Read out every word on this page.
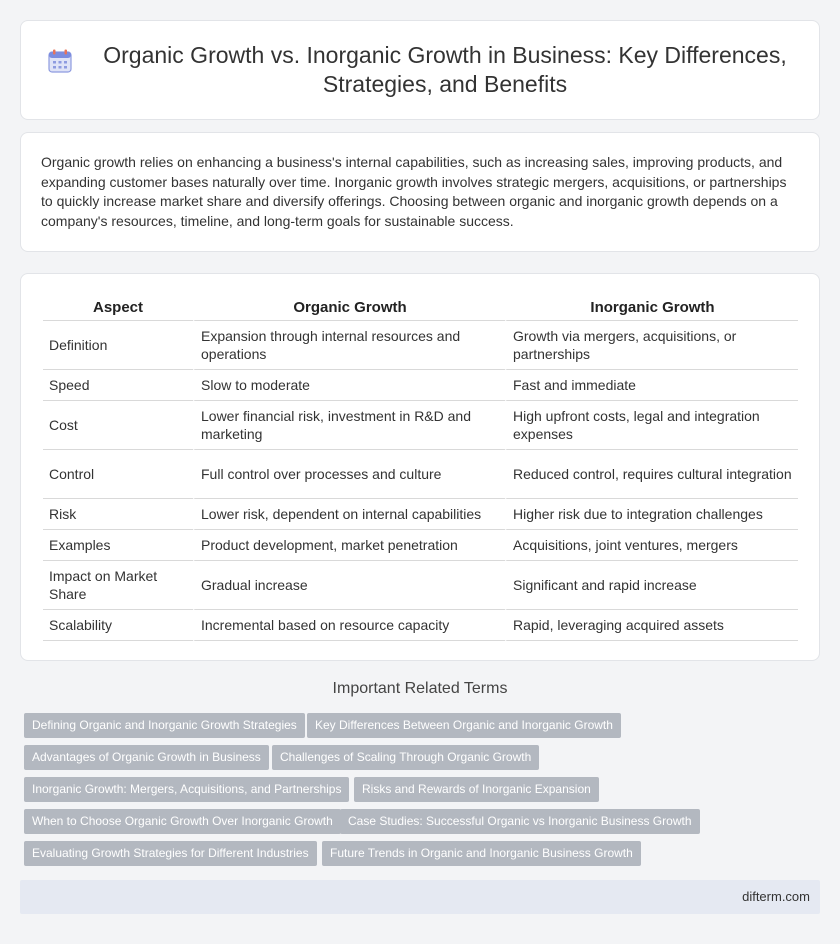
Organic Growth vs. Inorganic Growth in Business: Key Differences, Strategies, and Benefits

Organic growth relies on enhancing a business's internal capabilities, such as increasing sales, improving products, and expanding customer bases naturally over time. Inorganic growth involves strategic mergers, acquisitions, or partnerships to quickly increase market share and diversify offerings. Choosing between organic and inorganic growth depends on a company's resources, timeline, and long-term goals for sustainable success.

Aspect	Organic Growth	Inorganic Growth
Definition	Expansion through internal resources and operations	Growth via mergers, acquisitions, or partnerships
Speed	Slow to moderate	Fast and immediate
Cost	Lower financial risk, investment in R&D and marketing	High upfront costs, legal and integration expenses
Control	Full control over processes and culture	Reduced control, requires cultural integration
Risk	Lower risk, dependent on internal capabilities	Higher risk due to integration challenges
Examples	Product development, market penetration	Acquisitions, joint ventures, mergers
Impact on Market Share	Gradual increase	Significant and rapid increase
Scalability	Incremental based on resource capacity	Rapid, leveraging acquired assets
Important Related Terms
Defining Organic and Inorganic Growth Strategies	Key Differences Between Organic and Inorganic Growth
Advantages of Organic Growth in Business	Challenges of Scaling Through Organic Growth
Inorganic Growth: Mergers, Acquisitions, and Partnerships	Risks and Rewards of Inorganic Expansion
When to Choose Organic Growth Over Inorganic Growth	Case Studies: Successful Organic vs Inorganic Business Growth
Evaluating Growth Strategies for Different Industries	Future Trends in Organic and Inorganic Business Growth
difterm.com
